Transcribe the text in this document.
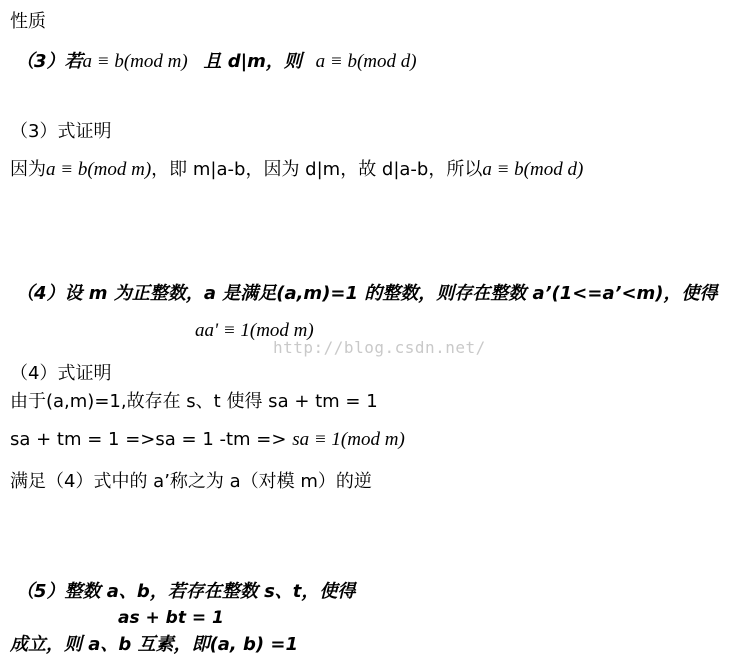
性质
（3）若a ≡ b(mod m) 且 d|m，则 a ≡ b(mod d)
（3）式证明
因为a ≡ b(mod m)，即 m|a-b，因为 d|m，故 d|a-b，所以a ≡ b(mod d)
（4）设 m 为正整数，a 是满足(a,m)=1 的整数，则存在整数 a’(1<=a’<m)，使得
aa' ≡ 1(mod m)
http://blog.csdn.net/
（4）式证明
由于(a,m)=1,故存在 s、t 使得 sa + tm = 1
sa + tm = 1 =>sa = 1 -tm => sa ≡ 1(mod m)
满足（4）式中的 a’称之为 a（对模 m）的逆
（5）整数 a、b，若存在整数 s、t，使得
as + bt = 1
成立，则 a、b 互素，即(a, b) =1
